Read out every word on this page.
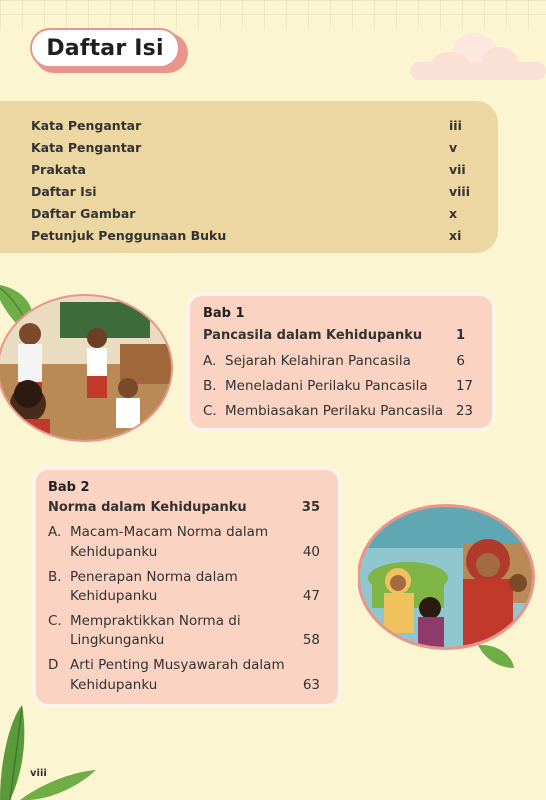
Daftar Isi
Kata Pengantar	iii
Kata Pengantar	v
Prakata	vii
Daftar Isi	viii
Daftar Gambar	x
Petunjuk Penggunaan Buku	xi
Bab 1
Pancasila dalam Kehidupanku	1
A. Sejarah Kelahiran Pancasila	6
B. Meneladani Perilaku Pancasila	17
C. Membiasakan Perilaku Pancasila 23
Bab 2
Norma dalam Kehidupanku	35
A. Macam-Macam Norma dalam
Kehidupanku	40
B. Penerapan Norma dalam
Kehidupanku	47
C. Mempraktikkan Norma di
Lingkunganku	58
D Arti Penting Musyawarah dalam
Kehidupanku	63
viii
